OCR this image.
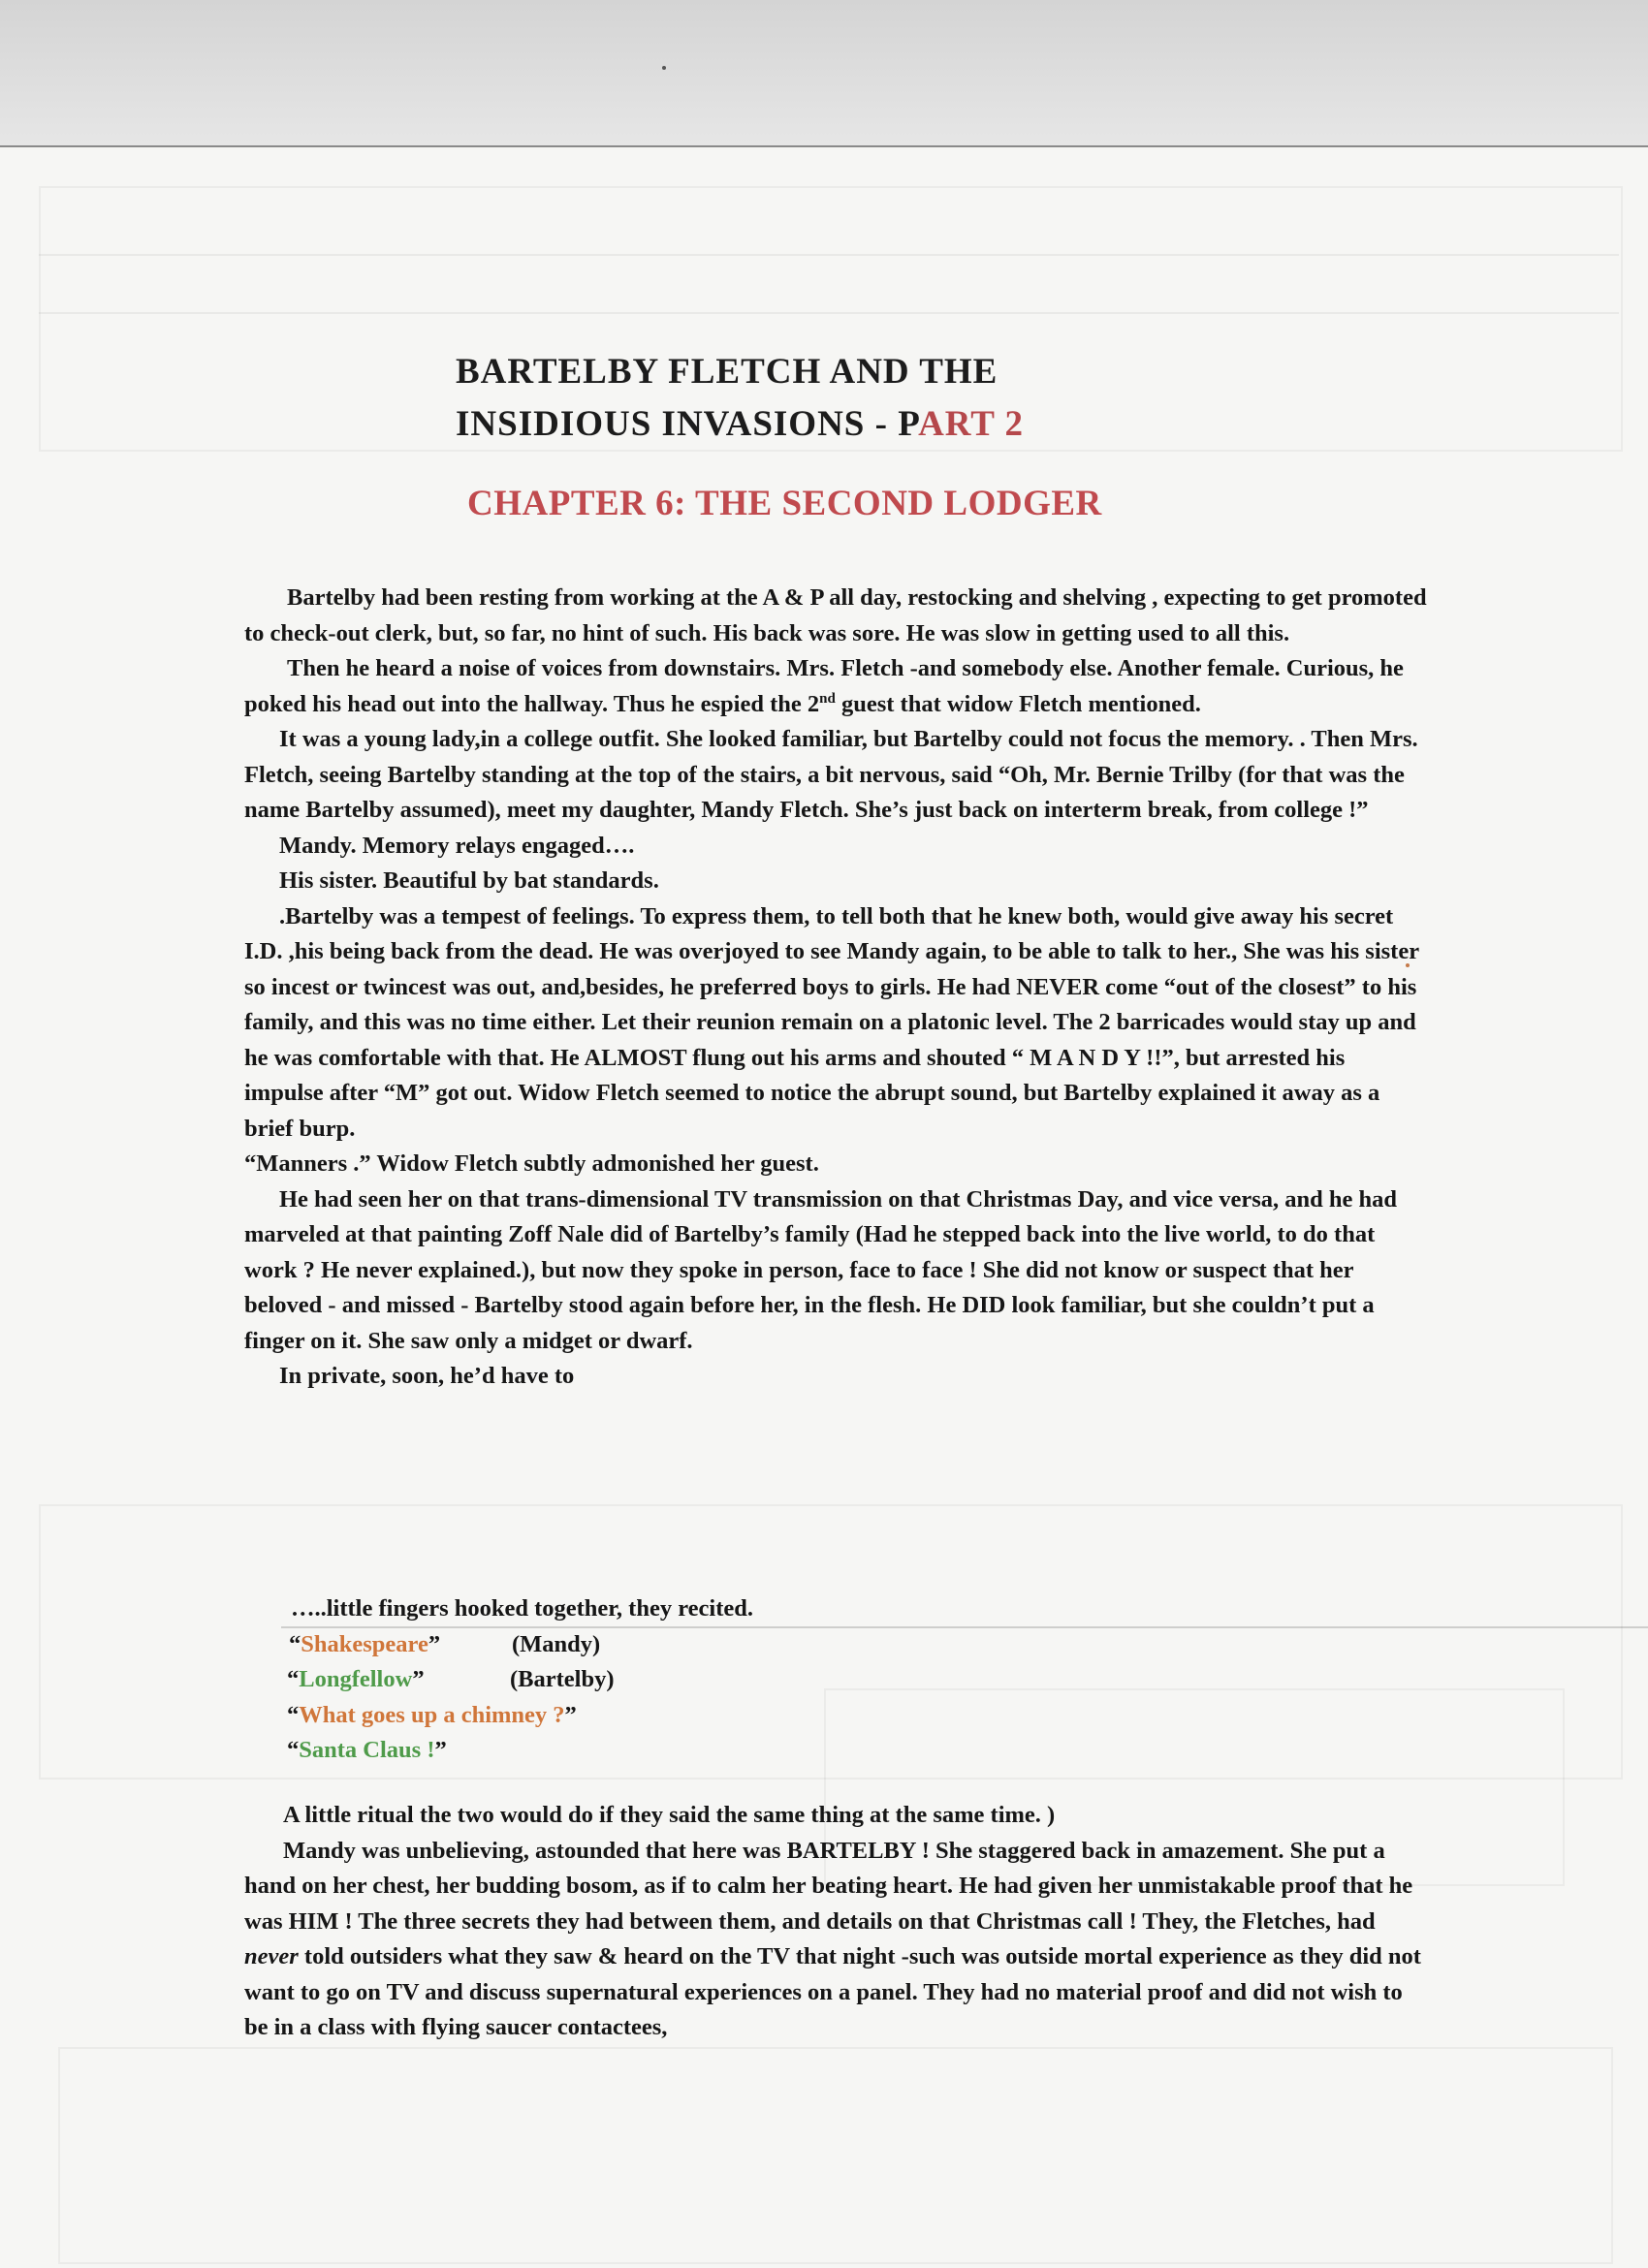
BARTELBY FLETCH AND THE
INSIDIOUS INVASIONS - PART 2
CHAPTER 6: THE SECOND LODGER

Bartelby had been resting from working at the A & P all day, restocking and shelving , expecting to get promoted to check-out clerk, but, so far, no hint of such. His back was sore. He was slow in getting used to all this.

Then he heard a noise of voices from downstairs. Mrs. Fletch -and somebody else. Another female. Curious, he poked his head out into the hallway. Thus he espied the 2nd guest that widow Fletch mentioned.

It was a young lady,in a college outfit. She looked familiar, but Bartelby could not focus the memory. . Then Mrs. Fletch, seeing Bartelby standing at the top of the stairs, a bit nervous, said “Oh, Mr. Bernie Trilby (for that was the name Bartelby assumed), meet my daughter, Mandy Fletch. She’s just back on interterm break, from college !”

Mandy. Memory relays engaged….

His sister. Beautiful by bat standards.

.Bartelby was a tempest of feelings. To express them, to tell both that he knew both, would give away his secret I.D. ,his being back from the dead. He was overjoyed to see Mandy again, to be able to talk to her., She was his sister so incest or twincest was out, and,besides, he preferred boys to girls. He had NEVER come “out of the closest” to his family, and this was no time either. Let their reunion remain on a platonic level. The 2 barricades would stay up and he was comfortable with that. He ALMOST flung out his arms and shouted “ M A N D Y !!”, but arrested his impulse after “M” got out. Widow Fletch seemed to notice the abrupt sound, but Bartelby explained it away as a brief burp.

“Manners .” Widow Fletch subtly admonished her guest.

He had seen her on that trans-dimensional TV transmission on that Christmas Day, and vice versa, and he had marveled at that painting Zoff Nale did of Bartelby’s family (Had he stepped back into the live world, to do that work ? He never explained.), but now they spoke in person, face to face ! She did not know or suspect that her beloved - and missed - Bartelby stood again before her, in the flesh. He DID look familiar, but she couldn’t put a finger on it. She saw only a midget or dwarf.

In private, soon, he’d have to

…..little fingers hooked together, they recited.
“Shakespeare”	(Mandy)
“Longfellow”	(Bartelby)
“What goes up a chimney ?”
“Santa Claus !”

A little ritual the two would do if they said the same thing at the same time. )

Mandy was unbelieving, astounded that here was BARTELBY ! She staggered back in amazement. She put a hand on her chest, her budding bosom, as if to calm her beating heart. He had given her unmistakable proof that he was HIM ! The three secrets they had between them, and details on that Christmas call ! They, the Fletches, had never told outsiders what they saw & heard on the TV that night -such was outside mortal experience as they did not want to go on TV and discuss supernatural experiences on a panel. They had no material proof and did not wish to be in a class with flying saucer contactees,
